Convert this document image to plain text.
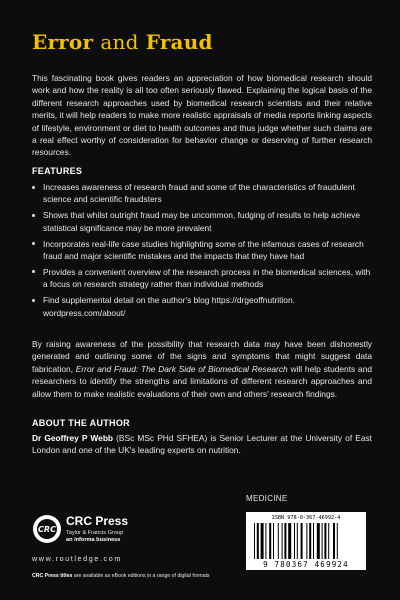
Error and Fraud

This fascinating book gives readers an appreciation of how biomedical research should work and how the reality is all too often seriously flawed. Explaining the logical basis of the different research approaches used by biomedical research scientists and their relative merits, it will help readers to make more realistic appraisals of media reports linking aspects of lifestyle, environment or diet to health outcomes and thus judge whether such claims are a real effect worthy of consideration for behavior change or deserving of further research resources.

FEATURES
Increases awareness of research fraud and some of the characteristics of fraudulent science and scientific fraudsters
Shows that whilst outright fraud may be uncommon, fudging of results to help achieve statistical significance may be more prevalent
Incorporates real-life case studies highlighting some of the infamous cases of research fraud and major scientific mistakes and the impacts that they have had
Provides a convenient overview of the research process in the biomedical sciences, with a focus on research strategy rather than individual methods
Find supplemental detail on the author's blog https://drgeoffnutrition. wordpress.com/about/

By raising awareness of the possibility that research data may have been dishonestly generated and outlining some of the signs and symptoms that might suggest data fabrication, Error and Fraud: The Dark Side of Biomedical Research will help students and researchers to identify the strengths and limitations of different research approaches and allow them to make realistic evaluations of their own and others' research findings.

ABOUT THE AUTHOR

Dr Geoffrey P Webb (BSc MSc PHd SFHEA) is Senior Lecturer at the University of East London and one of the UK's leading experts on nutrition.

MEDICINE
ISBN 978-0-367-46992-4
9 780367 469924
CRC
CRC Press
Taylor & Francis Group
an informa business
www.routledge.com
CRC Press titles are available as eBook editions in a range of digital formats
